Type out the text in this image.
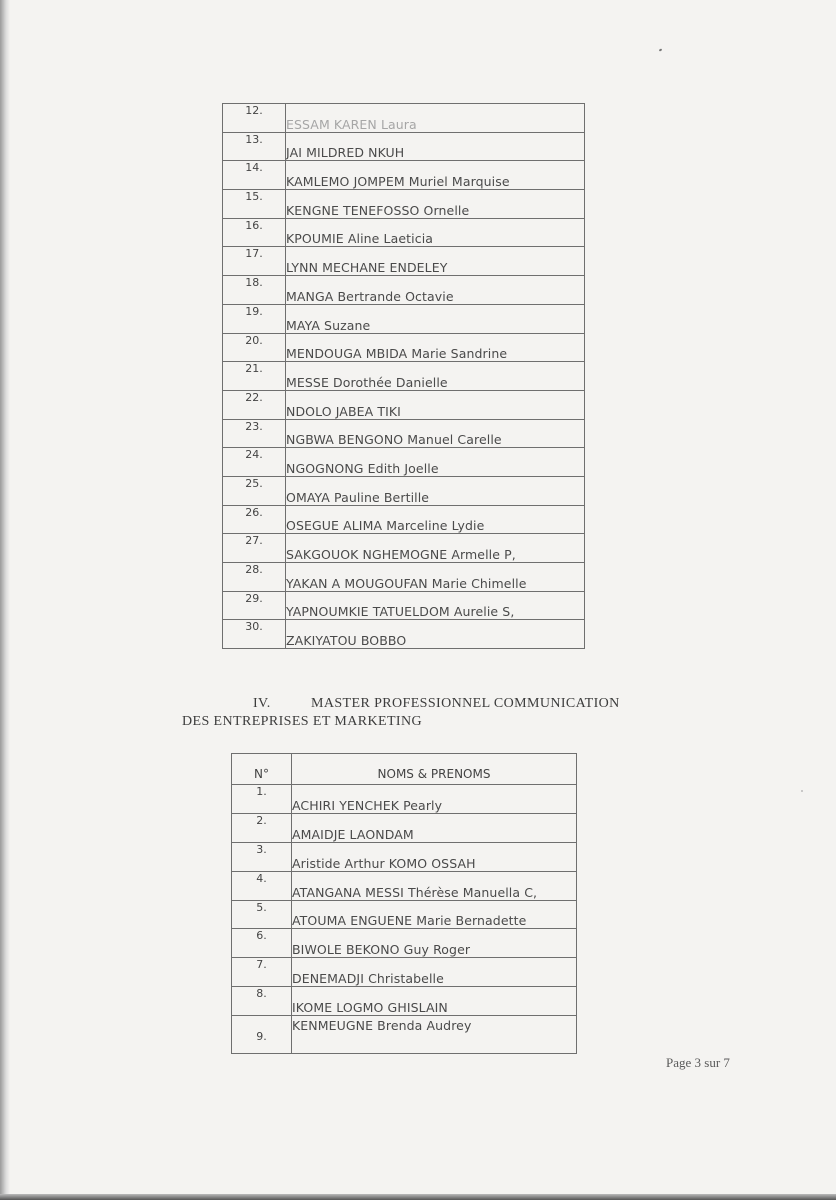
12.	ESSAM KAREN Laura
13.	JAI MILDRED NKUH
14.	KAMLEMO JOMPEM Muriel Marquise
15.	KENGNE TENEFOSSO Ornelle
16.	KPOUMIE Aline Laeticia
17.	LYNN MECHANE ENDELEY
18.	MANGA Bertrande Octavie
19.	MAYA Suzane
20.	MENDOUGA MBIDA Marie Sandrine
21.	MESSE Dorothée Danielle
22.	NDOLO JABEA TIKI
23.	NGBWA BENGONO Manuel Carelle
24.	NGOGNONG Edith Joelle
25.	OMAYA Pauline Bertille
26.	OSEGUE ALIMA Marceline Lydie
27.	SAKGOUOK NGHEMOGNE Armelle P,
28.	YAKAN A MOUGOUFAN Marie Chimelle
29.	YAPNOUMKIE TATUELDOM Aurelie S,
30.	ZAKIYATOU BOBBO
IV.	MASTER PROFESSIONNEL COMMUNICATION
DES ENTREPRISES ET MARKETING
N°	NOMS & PRENOMS
1.	ACHIRI YENCHEK Pearly
2.	AMAIDJE LAONDAM
3.	Aristide Arthur KOMO OSSAH
4.	ATANGANA MESSI Thérèse Manuella C,
5.	ATOUMA ENGUENE Marie Bernadette
6.	BIWOLE BEKONO Guy Roger
7.	DENEMADJI Christabelle
8.	IKOME LOGMO GHISLAIN
9.	KENMEUGNE Brenda Audrey
Page 3 sur 7
